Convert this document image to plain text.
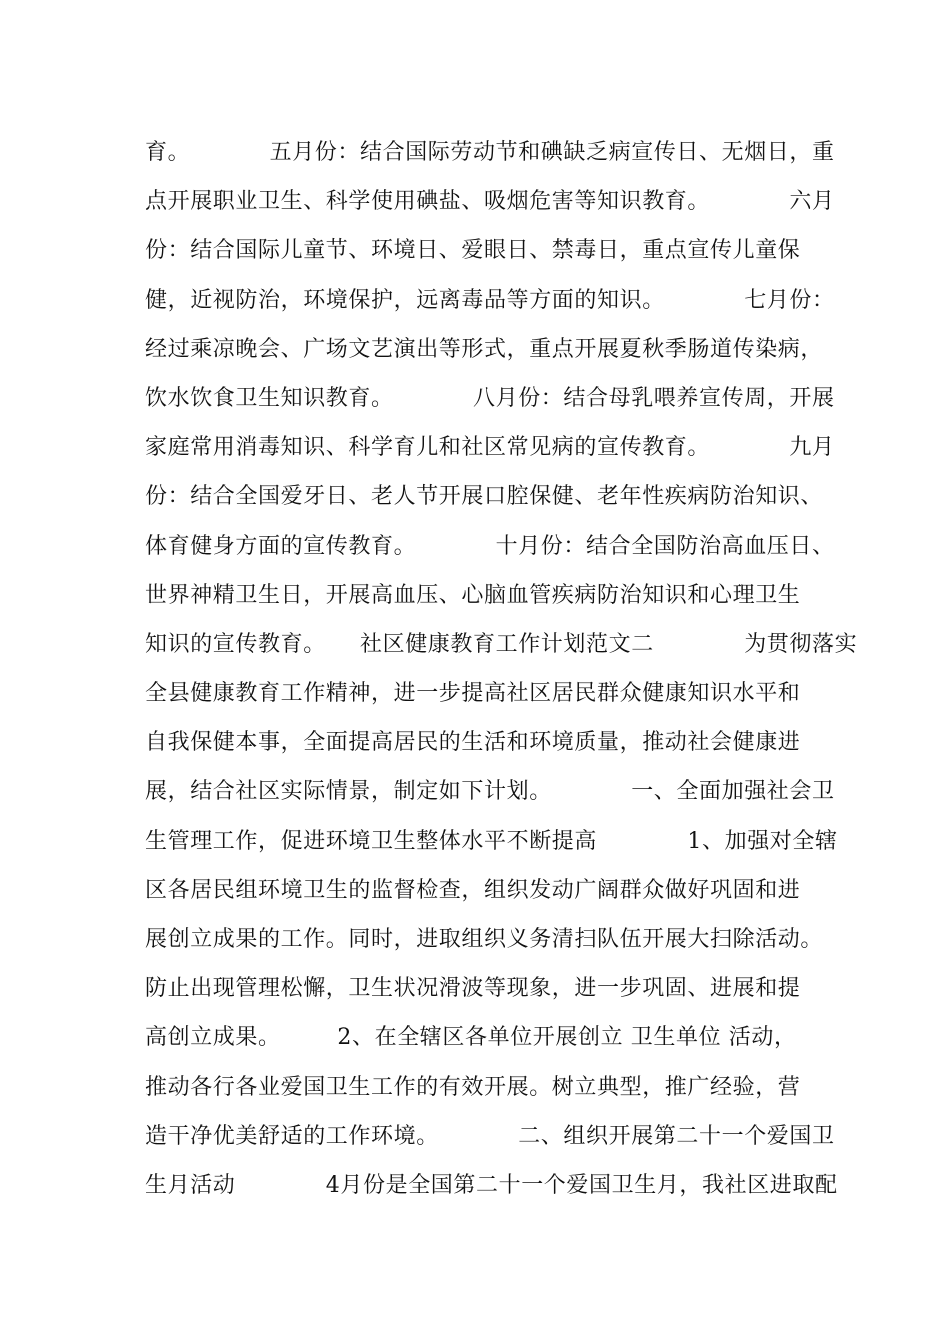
育。　　　　五月份：结合国际劳动节和碘缺乏病宣传日、无烟日，重
点开展职业卫生、科学使用碘盐、吸烟危害等知识教育。　　　　六月
份：结合国际儿童节、环境日、爱眼日、禁毒日，重点宣传儿童保
健，近视防治，环境保护，远离毒品等方面的知识。　　　　七月份：
经过乘凉晚会、广场文艺演出等形式，重点开展夏秋季肠道传染病，
饮水饮食卫生知识教育。　　　　八月份：结合母乳喂养宣传周，开展
家庭常用消毒知识、科学育儿和社区常见病的宣传教育。　　　　九月
份：结合全国爱牙日、老人节开展口腔保健、老年性疾病防治知识、
体育健身方面的宣传教育。　　　　十月份：结合全国防治高血压日、
世界神精卫生日，开展高血压、心脑血管疾病防治知识和心理卫生
知识的宣传教育。　　社区健康教育工作计划范文二　　　　为贯彻落实
全县健康教育工作精神，进一步提高社区居民群众健康知识水平和
自我保健本事，全面提高居民的生活和环境质量，推动社会健康进
展，结合社区实际情景，制定如下计划。　　　　一、全面加强社会卫
生管理工作，促进环境卫生整体水平不断提高　　　　1、加强对全辖
区各居民组环境卫生的监督检查，组织发动广阔群众做好巩固和进
展创立成果的工作。同时，进取组织义务清扫队伍开展大扫除活动。
防止出现管理松懈，卫生状况滑波等现象，进一步巩固、进展和提
高创立成果。　　　2、在全辖区各单位开展创立 卫生单位 活动，
推动各行各业爱国卫生工作的有效开展。树立典型，推广经验，营
造干净优美舒适的工作环境。　　　　二、组织开展第二十一个爱国卫
生月活动　　　　4月份是全国第二十一个爱国卫生月，我社区进取配
